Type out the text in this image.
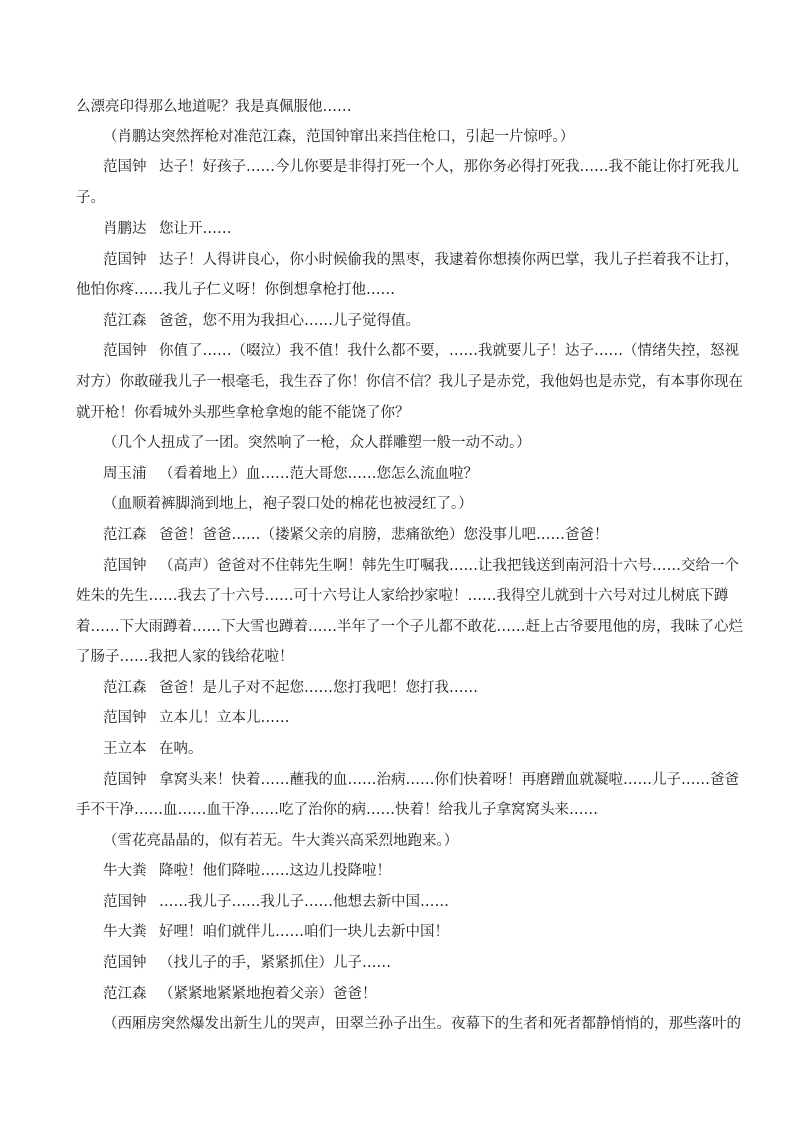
么漂亮印得那么地道呢？我是真佩服他……
（肖鹏达突然挥枪对准范江森，范国钟窜出来挡住枪口，引起一片惊呼。）
范国钟 达子！好孩子……今儿你要是非得打死一个人，那你务必得打死我……我不能让你打死我儿
子。
肖鹏达 您让开……
范国钟 达子！人得讲良心，你小时候偷我的黑枣，我逮着你想揍你两巴掌，我儿子拦着我不让打，
他怕你疼……我儿子仁义呀！你倒想拿枪打他……
范江森 爸爸，您不用为我担心……儿子觉得值。
范国钟 你值了……（啜泣）我不值！我什么都不要，……我就要儿子！达子……（情绪失控，怒视
对方）你敢碰我儿子一根毫毛，我生吞了你！你信不信？我儿子是赤党，我他妈也是赤党，有本事你现在
就开枪！你看城外头那些拿枪拿炮的能不能饶了你？
（几个人扭成了一团。突然响了一枪，众人群雕塑一般一动不动。）
周玉浦 （看着地上）血……范大哥您……您怎么流血啦？
（血顺着裤脚淌到地上，袍子裂口处的棉花也被浸红了。）
范江森 爸爸！爸爸……（搂紧父亲的肩膀，悲痛欲绝）您没事儿吧……爸爸！
范国钟 （高声）爸爸对不住韩先生啊！韩先生叮嘱我……让我把钱送到南河沿十六号……交给一个
姓朱的先生……我去了十六号……可十六号让人家给抄家啦！……我得空儿就到十六号对过儿树底下蹲
着……下大雨蹲着……下大雪也蹲着……半年了一个子儿都不敢花……赶上古爷要甩他的房，我昧了心烂
了肠子……我把人家的钱给花啦！
范江森 爸爸！是儿子对不起您……您打我吧！您打我……
范国钟 立本儿！立本儿……
王立本 在呐。
范国钟 拿窝头来！快着……蘸我的血……治病……你们快着呀！再磨蹭血就凝啦……儿子……爸爸
手不干净……血……血干净……吃了治你的病……快着！给我儿子拿窝窝头来……
（雪花亮晶晶的，似有若无。牛大粪兴高采烈地跑来。）
牛大粪 降啦！他们降啦……这边儿投降啦！
范国钟 ……我儿子……我儿子……他想去新中国……
牛大粪 好哩！咱们就伴儿……咱们一块儿去新中国！
范国钟 （找儿子的手，紧紧抓住）儿子……
范江森 （紧紧地紧紧地抱着父亲）爸爸！
（西厢房突然爆发出新生儿的哭声，田翠兰孙子出生。夜幕下的生者和死者都静悄悄的，那些落叶的
